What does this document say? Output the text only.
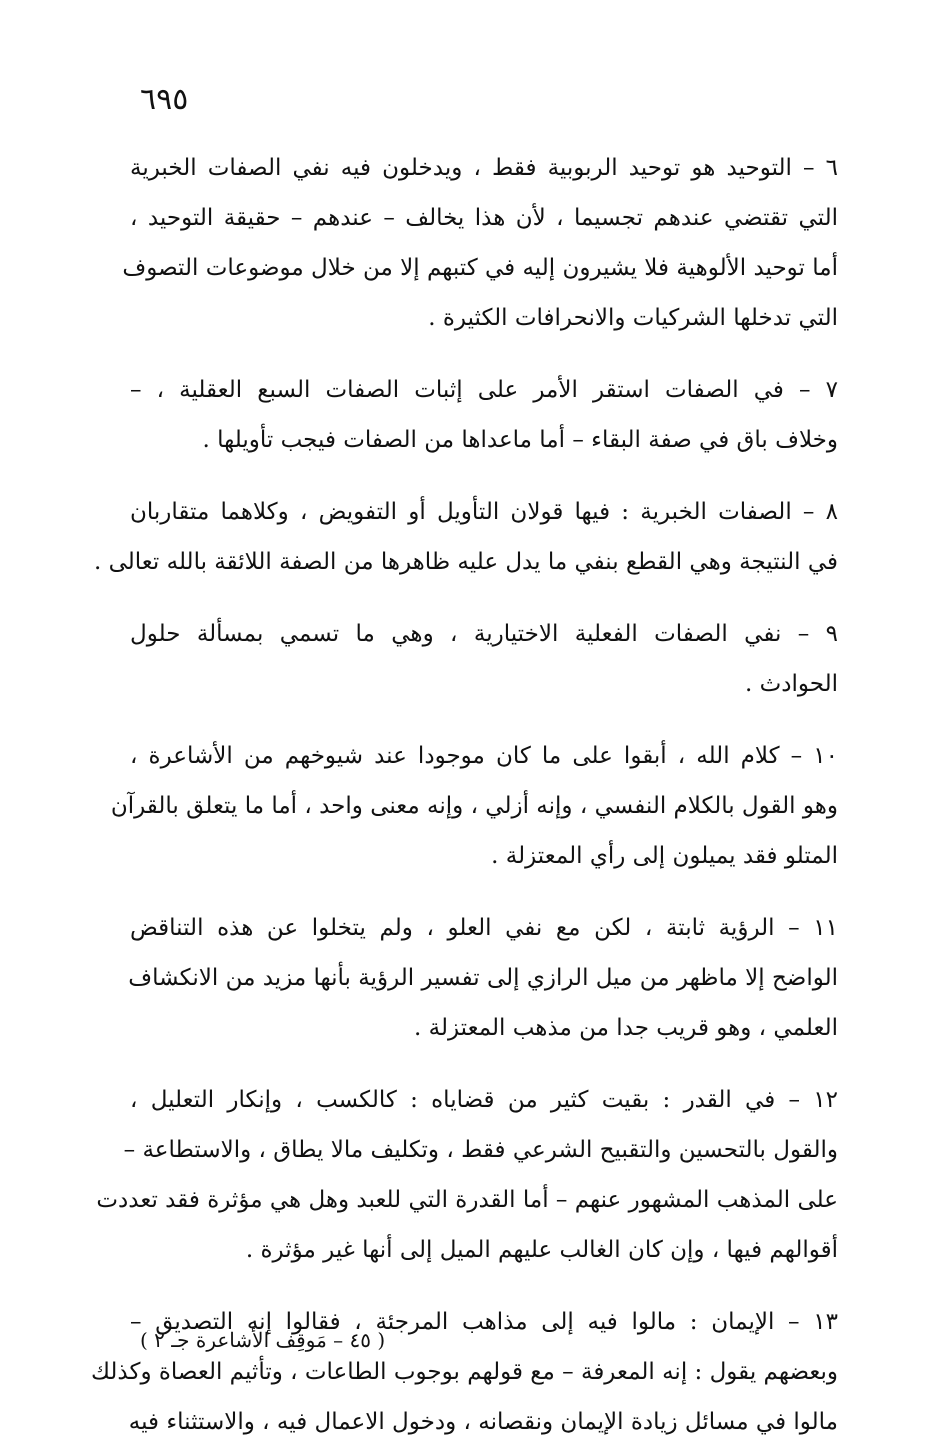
٦٩٥
٦ – التوحيد هو توحيد الربوبية فقط ، ويدخلون فيه نفي الصفات الخبرية
التي تقتضي عندهم تجسيما ، لأن هذا يخالف – عندهم – حقيقة التوحيد ،
أما توحيد الألوهية فلا يشيرون إليه في كتبهم إلا من خلال موضوعات التصوف
التي تدخلها الشركيات والانحرافات الكثيرة .
٧ – في الصفات استقر الأمر على إثبات الصفات السبع العقلية ، –
وخلاف باق في صفة البقاء – أما ماعداها من الصفات فيجب تأويلها .
٨ – الصفات الخبرية : فيها قولان التأويل أو التفويض ، وكلاهما متقاربان
في النتيجة وهي القطع بنفي ما يدل عليه ظاهرها من الصفة اللائقة بالله تعالى .
٩ – نفي الصفات الفعلية الاختيارية ، وهي ما تسمي بمسألة حلول
الحوادث .
١٠ – كلام الله ، أبقوا على ما كان موجودا عند شيوخهم من الأشاعرة ،
وهو القول بالكلام النفسي ، وإنه أزلي ، وإنه معنى واحد ، أما ما يتعلق بالقرآن
المتلو فقد يميلون إلى رأي المعتزلة .
١١ – الرؤية ثابتة ، لكن مع نفي العلو ، ولم يتخلوا عن هذه التناقض
الواضح إلا ماظهر من ميل الرازي إلى تفسير الرؤية بأنها مزيد من الانكشاف
العلمي ، وهو قريب جدا من مذهب المعتزلة .
١٢ – في القدر : بقيت كثير من قضاياه : كالكسب ، وإنكار التعليل ،
والقول بالتحسين والتقبيح الشرعي فقط ، وتكليف مالا يطاق ، والاستطاعة –
على المذهب المشهور عنهم – أما القدرة التي للعبد وهل هي مؤثرة فقد تعددت
أقوالهم فيها ، وإن كان الغالب عليهم الميل إلى أنها غير مؤثرة .
١٣ – الإيمان : مالوا فيه إلى مذاهب المرجئة ، فقالوا إنه التصديق –
وبعضهم يقول : إنه المعرفة – مع قولهم بوجوب الطاعات ، وتأثيم العصاة وكذلك
مالوا في مسائل زيادة الإيمان ونقصانه ، ودخول الاعمال فيه ، والاستثناء فيه
( ٤٥ – مَوقِف الأشاعرة جـ ٢ )
